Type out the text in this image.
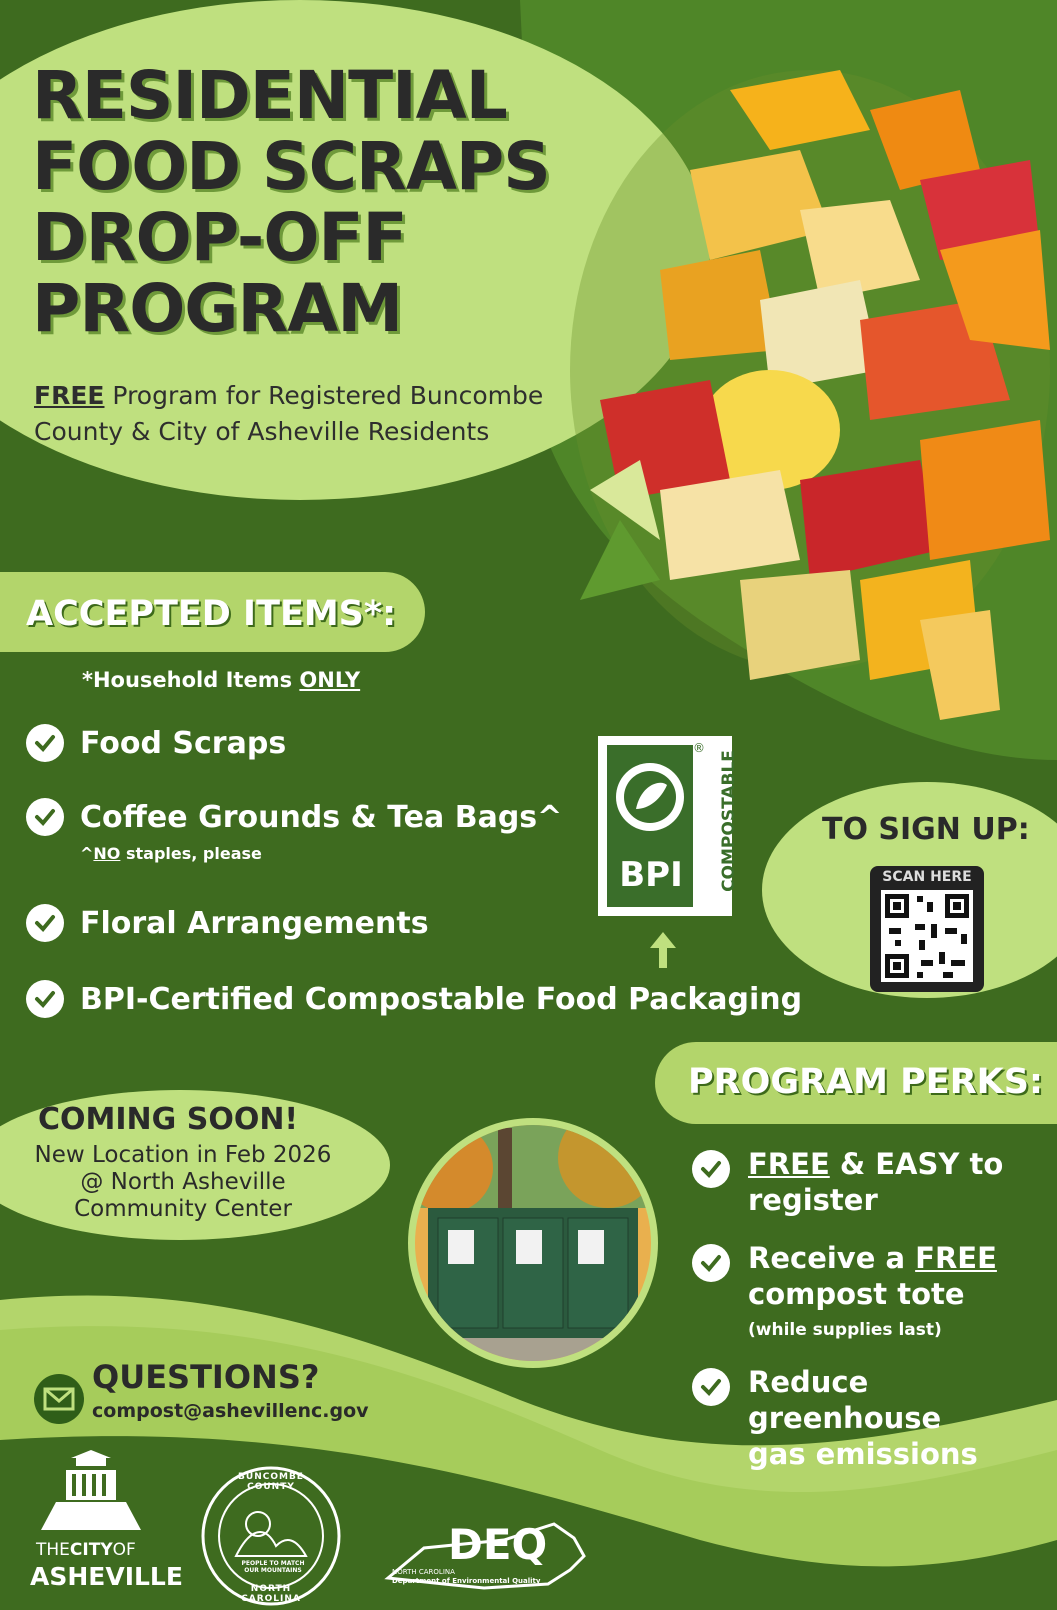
RESIDENTIAL
FOOD SCRAPS
DROP-OFF
PROGRAM
FREE Program for Registered Buncombe
County & City of Asheville Residents
ACCEPTED ITEMS*:
*Household Items ONLY
Food Scraps
Coffee Grounds & Tea Bags^
^NO staples, please
Floral Arrangements
BPI-Certified Compostable Food Packaging
BPI	COMPOSTABLE
®
TO SIGN UP:
SCAN HERE
PROGRAM PERKS:
FREE & EASY to
register
Receive a FREE
compost tote
(while supplies last)
Reduce
greenhouse
gas emissions
COMING SOON!
New Location in Feb 2026
@ North Asheville
Community Center
QUESTIONS?
compost@ashevillenc.gov
THECITYOF
ASHEVILLE
BUNCOMBE COUNTY
PEOPLE TO MATCH OUR MOUNTAINS
NORTH CAROLINA
DEQ
NORTH CAROLINA
Department of Environmental Quality
